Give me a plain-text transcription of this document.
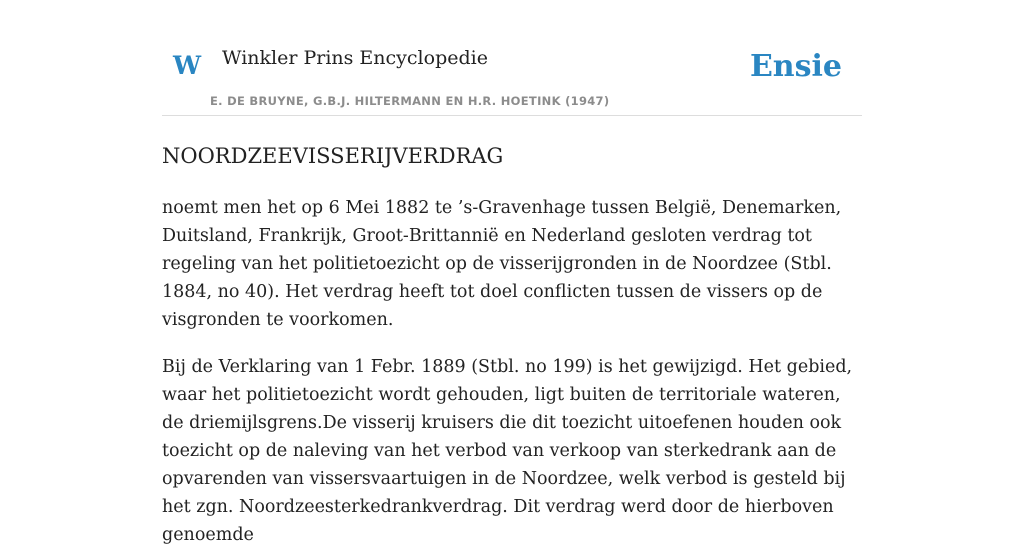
W Winkler Prins Encyclopedie
E. DE BRUYNE, G.B.J. HILTERMANN EN H.R. HOETINK (1947)
Ensie
NOORDZEEVISSERIJVERDRAG

noemt men het op 6 Mei 1882 te ’s-Gravenhage tussen België, Denemarken, Duitsland, Frankrijk, Groot-Brittannië en Nederland gesloten verdrag tot regeling van het politietoezicht op de visserijgronden in de Noordzee (Stbl. 1884, no 40). Het verdrag heeft tot doel conflicten tussen de vissers op de visgronden te voorkomen.

Bij de Verklaring van 1 Febr. 1889 (Stbl. no 199) is het gewijzigd. Het gebied, waar het politietoezicht wordt gehouden, ligt buiten de territoriale wateren, de driemijlsgrens.De visserij kruisers die dit toezicht uitoefenen houden ook toezicht op de naleving van het verbod van verkoop van sterkedrank aan de opvarenden van vissersvaartuigen in de Noordzee, welk verbod is gesteld bij het zgn. Noordzeesterkedrankverdrag. Dit verdrag werd door de hierboven genoemde
